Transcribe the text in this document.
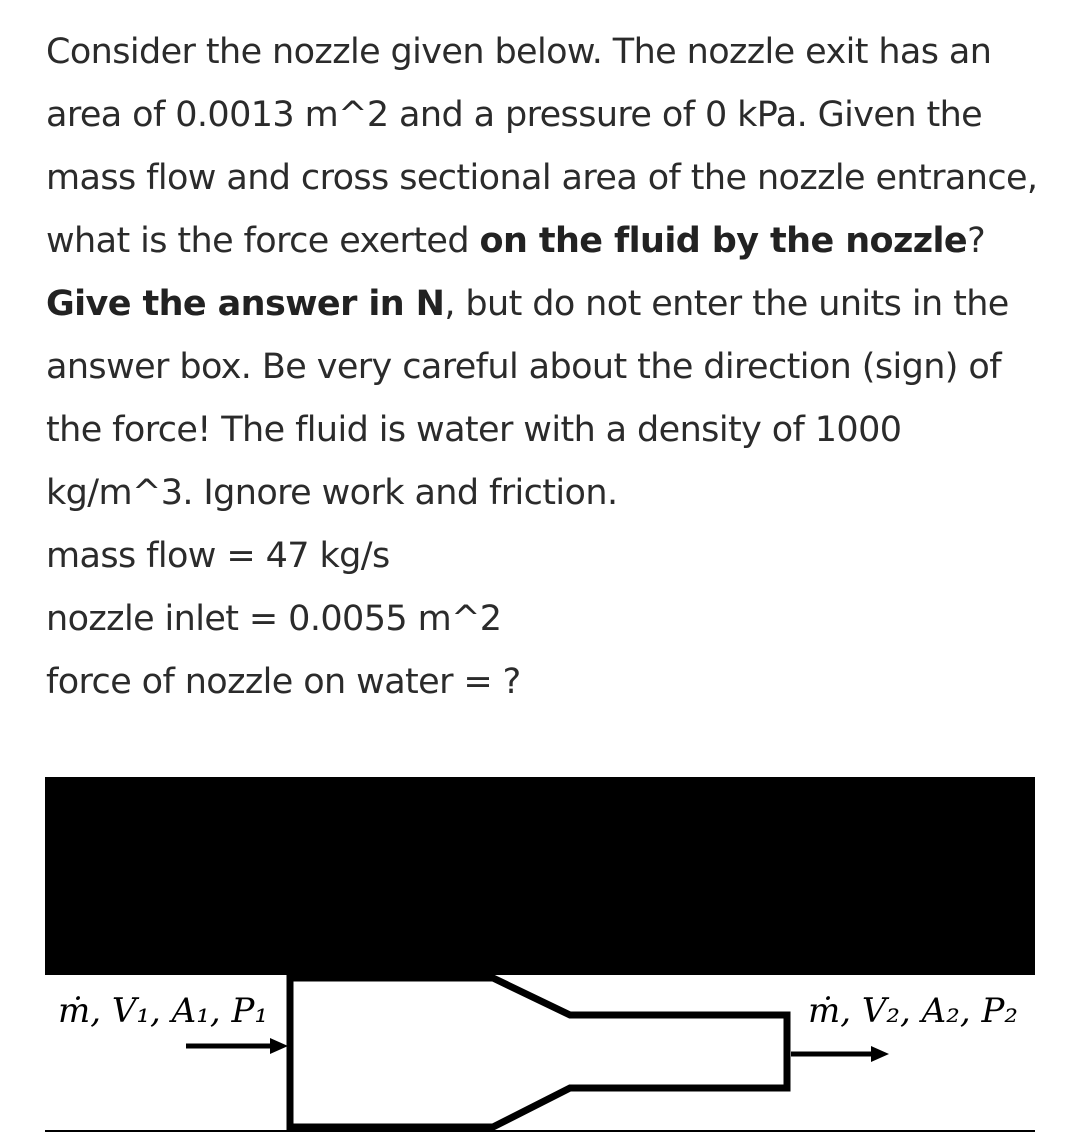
Consider the nozzle given below. The nozzle exit has an area of 0.0013 m^2 and a pressure of 0 kPa. Given the mass flow and cross sectional area of the nozzle entrance, what is the force exerted on the fluid by the nozzle? Give the answer in N, but do not enter the units in the answer box. Be very careful about the direction (sign) of the force! The fluid is water with a density of 1000 kg/m^3. Ignore work and friction.

mass flow = 47 kg/s
nozzle inlet = 0.0055 m^2
force of nozzle on water = ?
ṁ, V₁, A₁, P₁	ṁ, V₂, A₂, P₂
